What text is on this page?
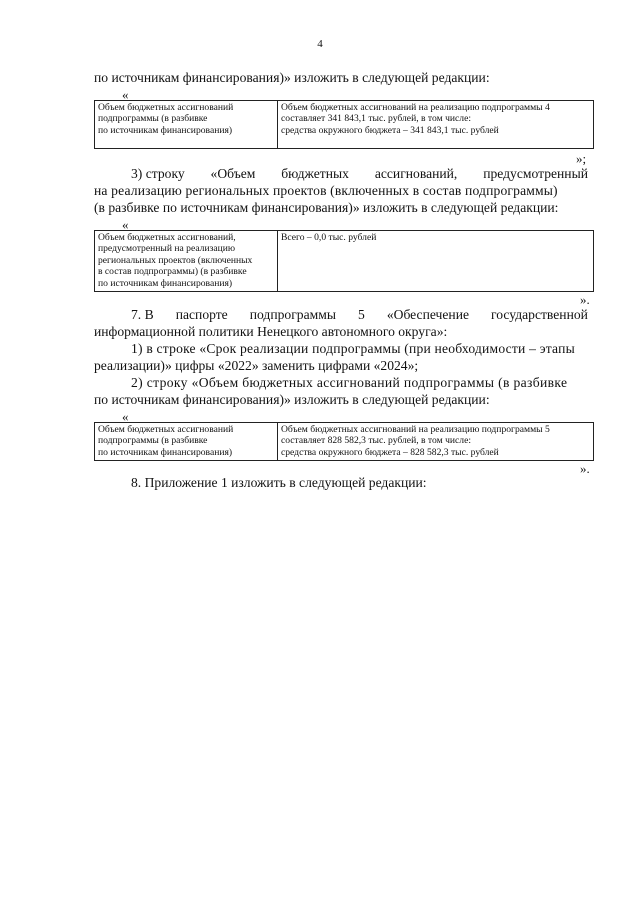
4
по источникам финансирования)» изложить в следующей редакции:
«
Объем бюджетных ассигнований
подпрограммы (в разбивке
по источникам финансирования)

Объем бюджетных ассигнований на реализацию подпрограммы 4
составляет 341 843,1 тыс. рублей, в том числе:
средства окружного бюджета – 341 843,1 тыс. рублей
»;
3) строку «Объем бюджетных ассигнований, предусмотренный
на реализацию региональных проектов (включенных в состав подпрограммы)
(в разбивке по источникам финансирования)» изложить в следующей редакции:
«
Объем бюджетных ассигнований,
предусмотренный на реализацию
региональных проектов (включенных
в состав подпрограммы) (в разбивке
по источникам финансирования)

Всего – 0,0 тыс. рублей
».
7. В паспорте подпрограммы 5 «Обеспечение государственной
информационной политики Ненецкого автономного округа»:
1) в строке «Срок реализации подпрограммы (при необходимости – этапы
реализации)» цифры «2022» заменить цифрами «2024»;
2) строку «Объем бюджетных ассигнований подпрограммы (в разбивке
по источникам финансирования)» изложить в следующей редакции:
«
Объем бюджетных ассигнований
подпрограммы (в разбивке
по источникам финансирования)

Объем бюджетных ассигнований на реализацию подпрограммы 5
составляет 828 582,3 тыс. рублей, в том числе:
средства окружного бюджета – 828 582,3 тыс. рублей
».
8. Приложение 1 изложить в следующей редакции:
